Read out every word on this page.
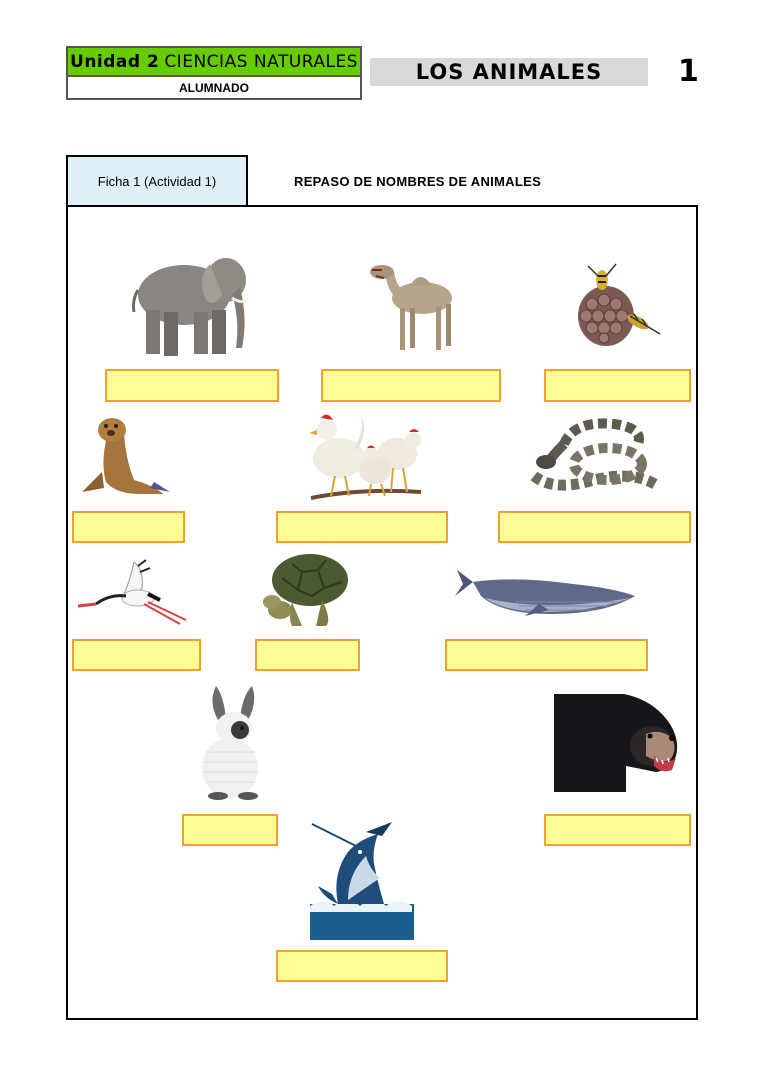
Unidad 2 CIENCIAS NATURALES
ALUMNADO
LOS ANIMALES	1
Ficha 1 (Actividad 1)	REPASO DE NOMBRES DE ANIMALES
